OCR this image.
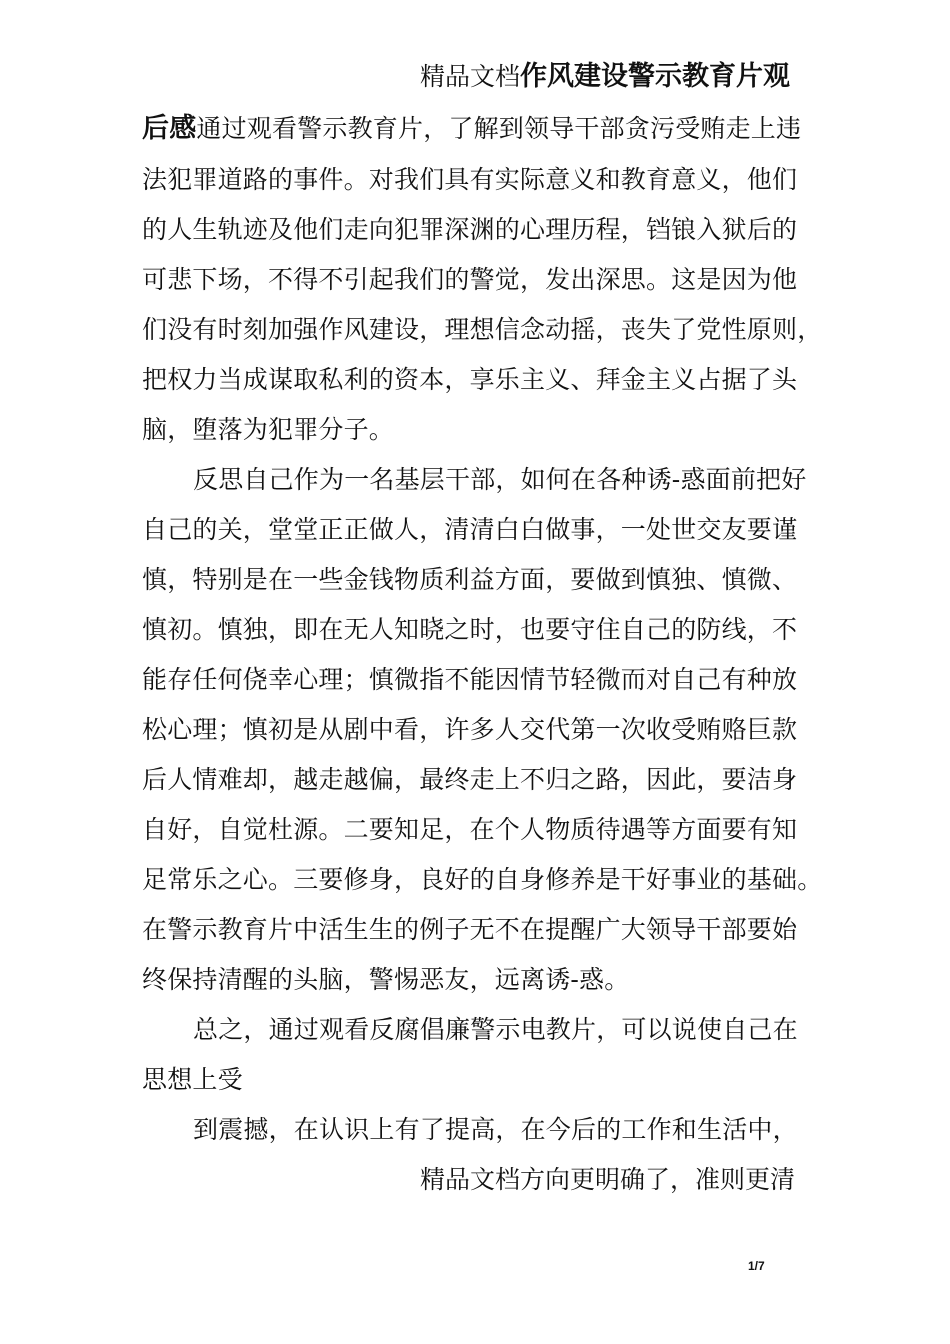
精品文档作风建设警示教育片观
后感通过观看警示教育片，了解到领导干部贪污受贿走上违
法犯罪道路的事件。对我们具有实际意义和教育意义，他们
的人生轨迹及他们走向犯罪深渊的心理历程，铛锒入狱后的
可悲下场，不得不引起我们的警觉，发出深思。这是因为他
们没有时刻加强作风建设，理想信念动摇，丧失了党性原则，
把权力当成谋取私利的资本，享乐主义、拜金主义占据了头
脑，堕落为犯罪分子。
反思自己作为一名基层干部，如何在各种诱-惑面前把好
自己的关，堂堂正正做人，清清白白做事，一处世交友要谨
慎，特别是在一些金钱物质利益方面，要做到慎独、慎微、
慎初。慎独，即在无人知晓之时，也要守住自己的防线，不
能存任何侥幸心理；慎微指不能因情节轻微而对自己有种放
松心理；慎初是从剧中看，许多人交代第一次收受贿赂巨款
后人情难却，越走越偏，最终走上不归之路，因此，要洁身
自好，自觉杜源。二要知足，在个人物质待遇等方面要有知
足常乐之心。三要修身，良好的自身修养是干好事业的基础。
在警示教育片中活生生的例子无不在提醒广大领导干部要始
终保持清醒的头脑，警惕恶友，远离诱-惑。
总之，通过观看反腐倡廉警示电教片，可以说使自己在
思想上受
到震撼，在认识上有了提高，在今后的工作和生活中，
精品文档方向更明确了，准则更清
1/7
